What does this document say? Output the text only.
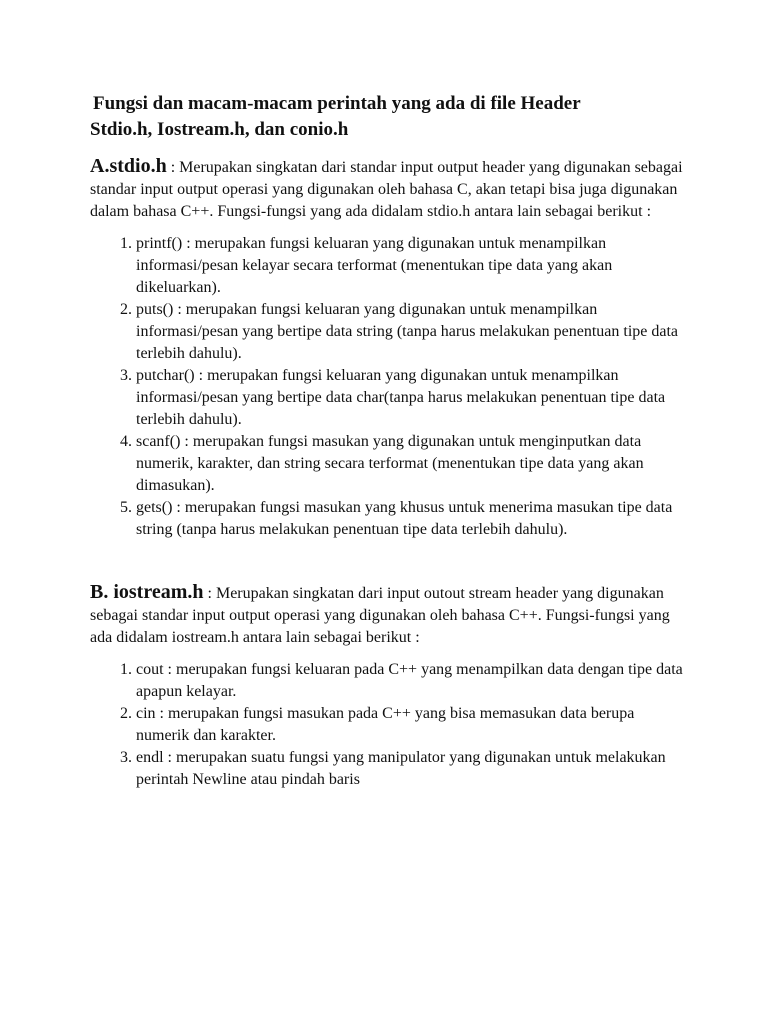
Fungsi dan macam-macam perintah yang ada di file Header
Stdio.h, Iostream.h, dan conio.h

A.stdio.h : Merupakan singkatan dari standar input output header yang digunakan sebagai standar input output operasi yang digunakan oleh bahasa C, akan tetapi bisa juga digunakan dalam bahasa C++. Fungsi-fungsi yang ada didalam stdio.h antara lain sebagai berikut :

1. printf() : merupakan fungsi keluaran yang digunakan untuk menampilkan informasi/pesan kelayar secara terformat (menentukan tipe data yang akan dikeluarkan).
2. puts() : merupakan fungsi keluaran yang digunakan untuk menampilkan informasi/pesan yang bertipe data string (tanpa harus melakukan penentuan tipe data terlebih dahulu).
3. putchar() : merupakan fungsi keluaran yang digunakan untuk menampilkan informasi/pesan yang bertipe data char(tanpa harus melakukan penentuan tipe data terlebih dahulu).
4. scanf() : merupakan fungsi masukan yang digunakan untuk menginputkan data numerik, karakter, dan string secara terformat (menentukan tipe data yang akan dimasukan).
5. gets() : merupakan fungsi masukan yang khusus untuk menerima masukan tipe data string (tanpa harus melakukan penentuan tipe data terlebih dahulu).

B. iostream.h : Merupakan singkatan dari input outout stream header yang digunakan sebagai standar input output operasi yang digunakan oleh bahasa C++. Fungsi-fungsi yang ada didalam iostream.h antara lain sebagai berikut :

1. cout : merupakan fungsi keluaran pada C++ yang menampilkan data dengan tipe data apapun kelayar.
2. cin : merupakan fungsi masukan pada C++ yang bisa memasukan data berupa numerik dan karakter.
3. endl : merupakan suatu fungsi yang manipulator yang digunakan untuk melakukan perintah Newline atau pindah baris
